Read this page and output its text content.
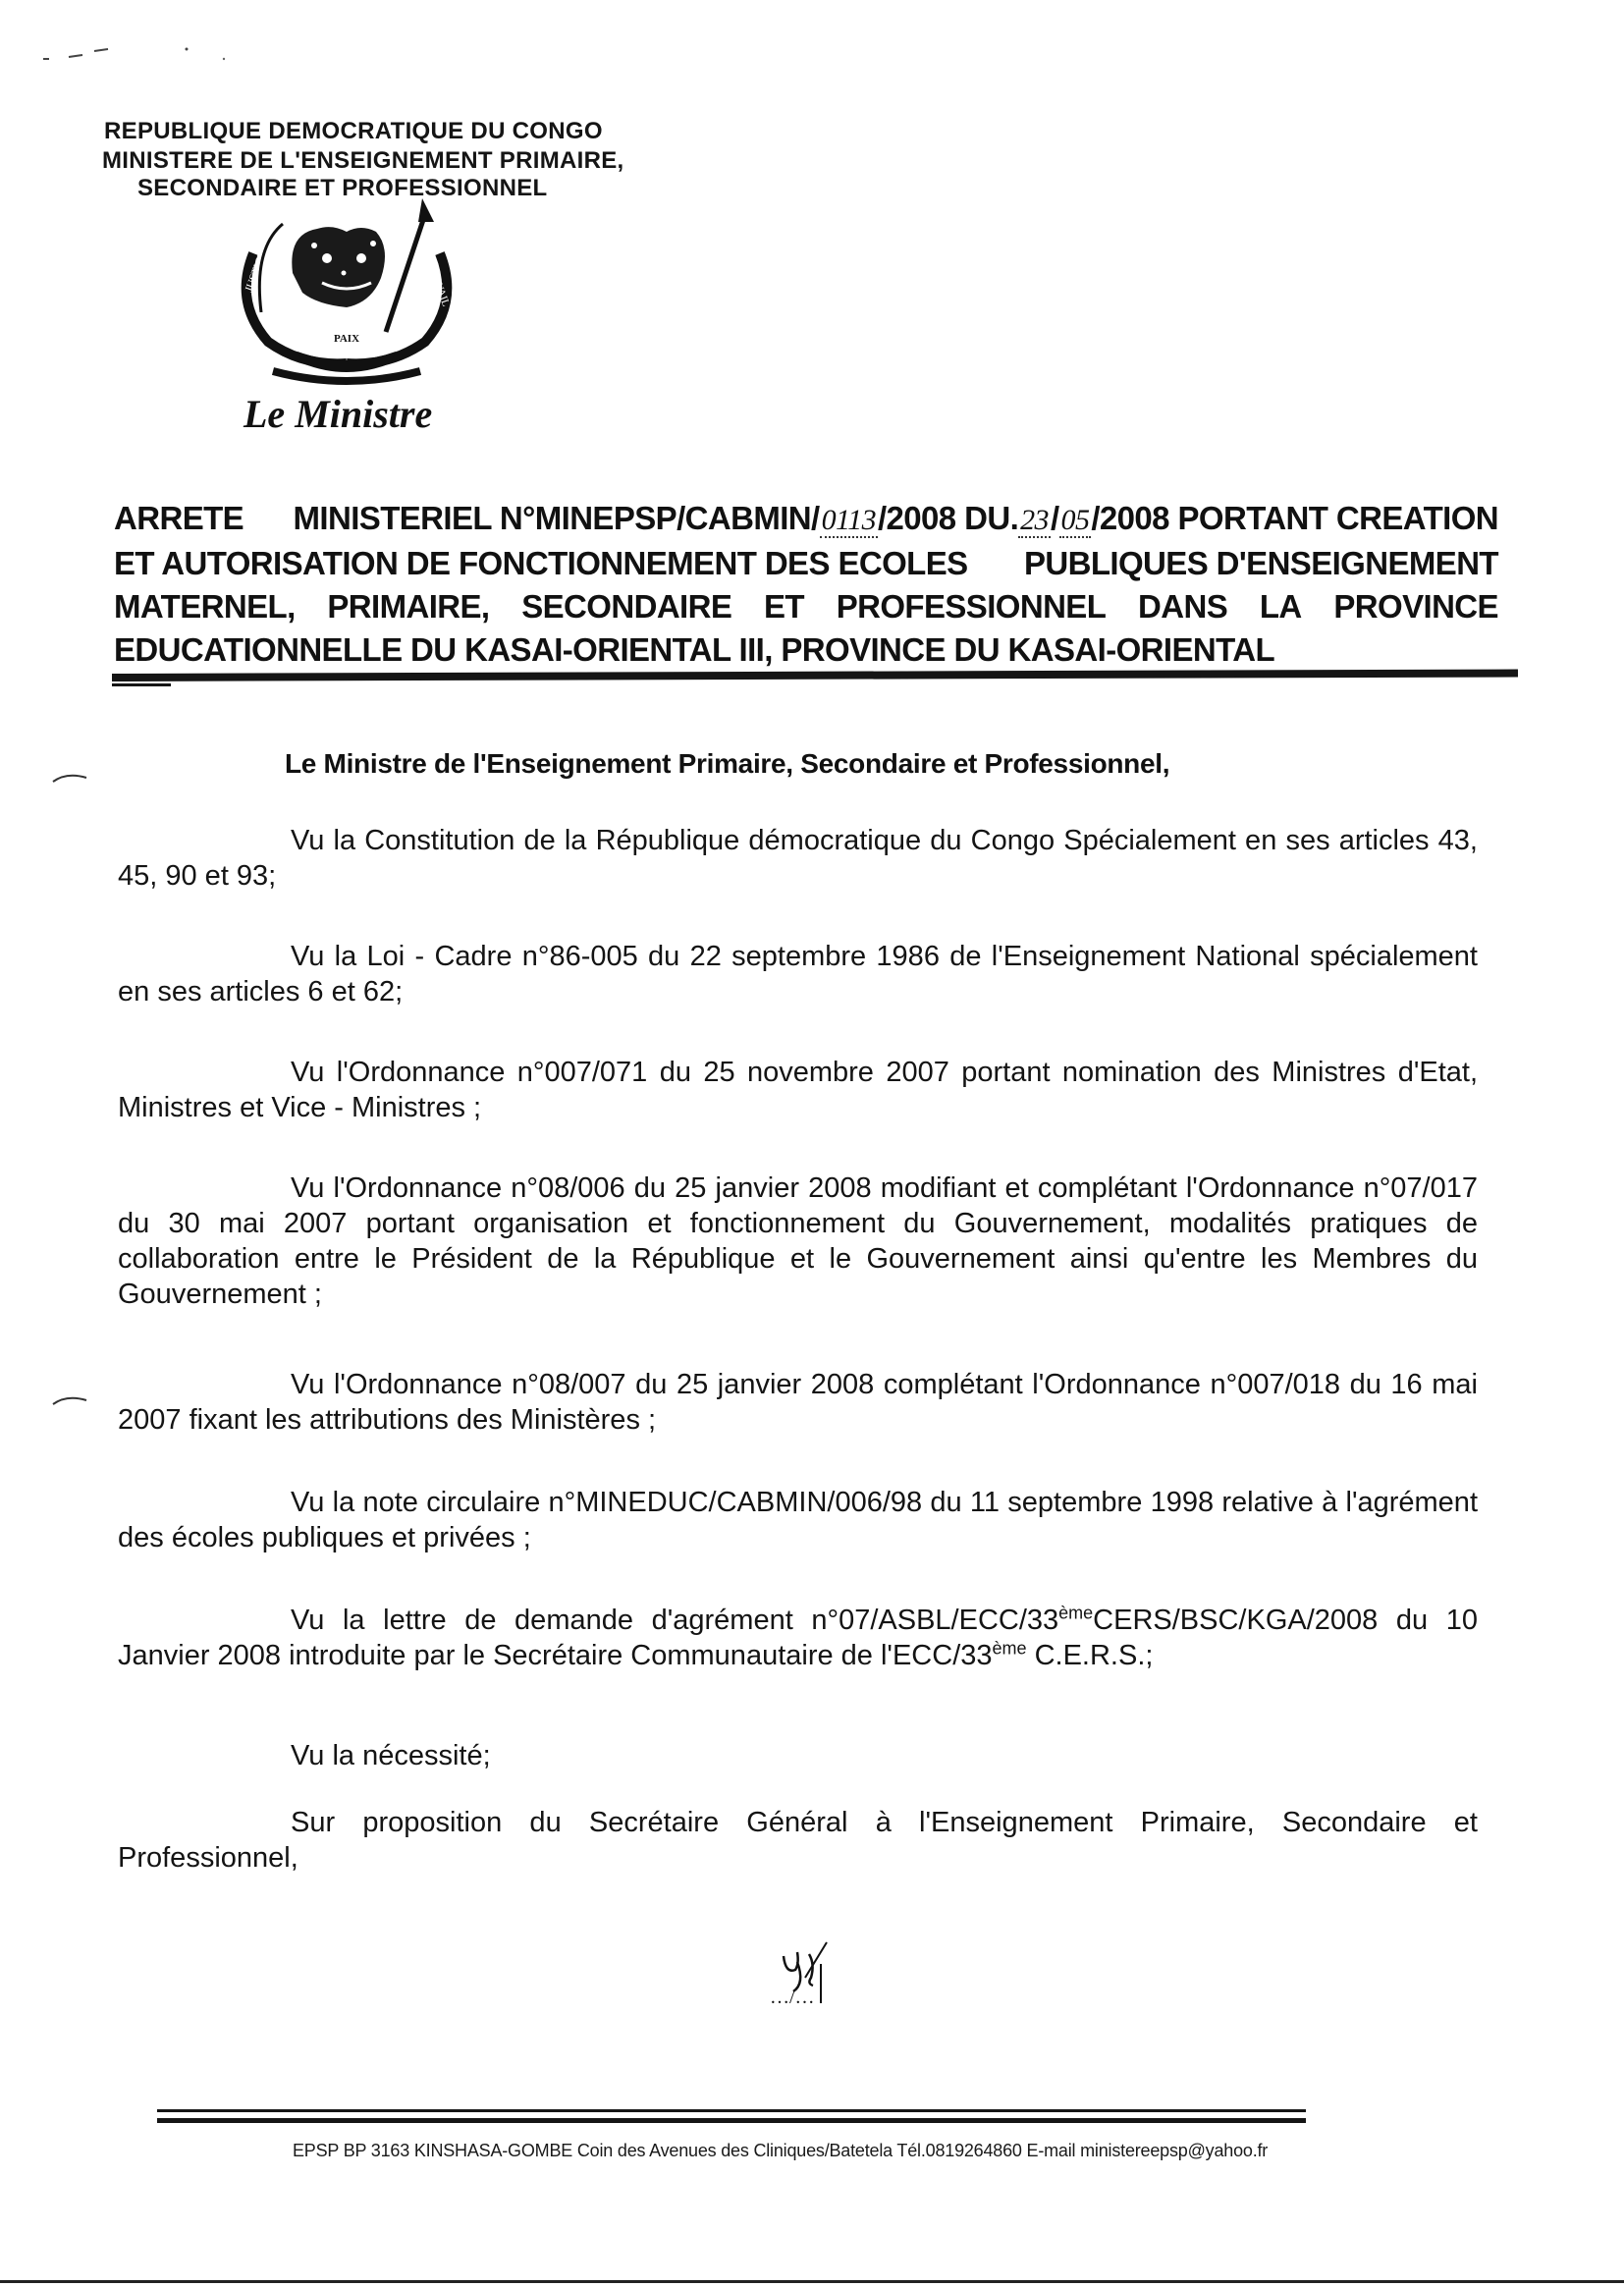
REPUBLIQUE DEMOCRATIQUE DU CONGO
MINISTERE DE L'ENSEIGNEMENT PRIMAIRE,
SECONDAIRE ET PROFESSIONNEL
JUSTICE	TRAVAIL
PAIX
Le Ministre
ARRETE MINISTERIEL N°MINEPSP/CABMIN/0113/2008 DU.23/05/2008 PORTANT CREATION
ET AUTORISATION DE FONCTIONNEMENT DES ECOLES PUBLIQUES D'ENSEIGNEMENT
MATERNEL, PRIMAIRE, SECONDAIRE ET PROFESSIONNEL DANS LA PROVINCE
EDUCATIONNELLE DU KASAI-ORIENTAL III, PROVINCE DU KASAI-ORIENTAL
Le Ministre de l'Enseignement Primaire, Secondaire et Professionnel,
Vu la Constitution de la République démocratique du Congo Spécialement en ses articles 43, 45, 90 et 93;
Vu la Loi - Cadre n°86-005 du 22 septembre 1986 de l'Enseignement National spécialement en ses articles 6 et 62;
Vu l'Ordonnance n°007/071 du 25 novembre 2007 portant nomination des Ministres d'Etat, Ministres et Vice - Ministres ;
Vu l'Ordonnance n°08/006 du 25 janvier 2008 modifiant et complétant l'Ordonnance n°07/017 du 30 mai 2007 portant organisation et fonctionnement du Gouvernement, modalités pratiques de collaboration entre le Président de la République et le Gouvernement ainsi qu'entre les Membres du Gouvernement ;
Vu l'Ordonnance n°08/007 du 25 janvier 2008 complétant l'Ordonnance n°007/018 du 16 mai 2007 fixant les attributions des Ministères ;
Vu la note circulaire n°MINEDUC/CABMIN/006/98 du 11 septembre 1998 relative à l'agrément des écoles publiques et privées ;
Vu la lettre de demande d'agrément n°07/ASBL/ECC/33èmeCERS/BSC/KGA/2008 du 10 Janvier 2008 introduite par le Secrétaire Communautaire de l'ECC/33ème C.E.R.S.;
Vu la nécessité;
Sur proposition du Secrétaire Général à l'Enseignement Primaire, Secondaire et Professionnel,
…/…
EPSP BP 3163 KINSHASA-GOMBE Coin des Avenues des Cliniques/Batetela Tél.0819264860 E-mail ministereepsp@yahoo.fr
